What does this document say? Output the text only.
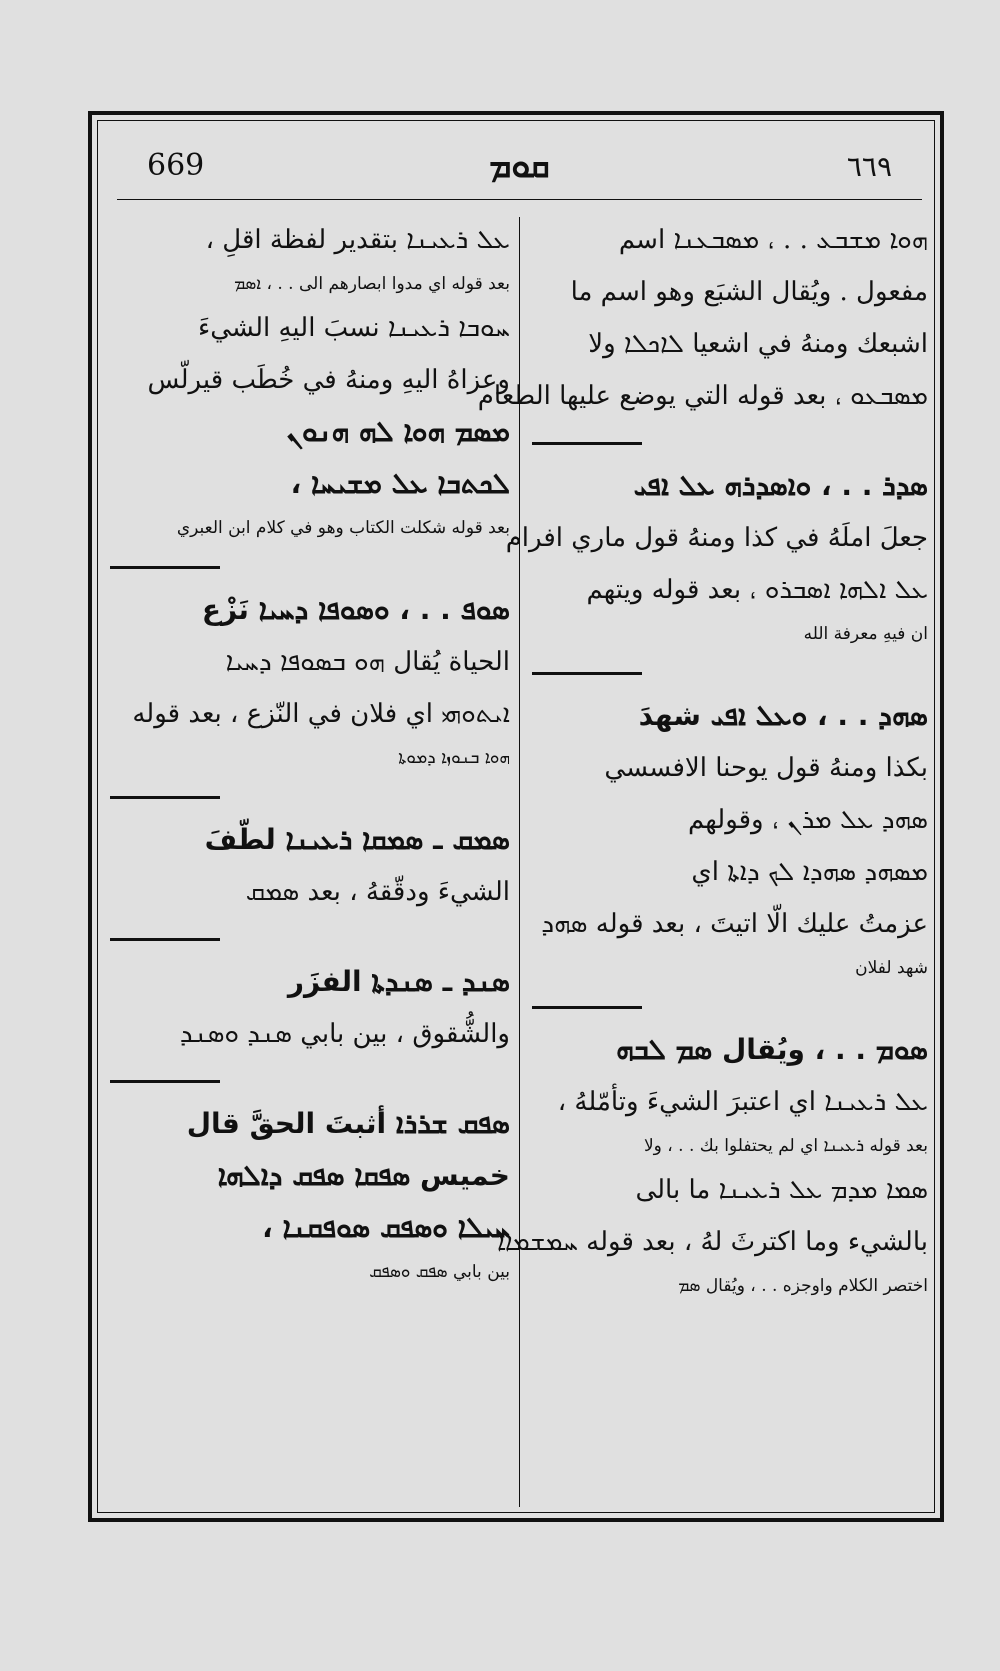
669	ܩܘܡ	٦٦٩
ܗܘܐ ܡܫܒܥ . . ، ܡܣܒܥܢܐ اسم
مفعول . ويُقال الشبَع وهو اسم ما
اشبعك ومنهُ في اشعيا ܠܐܟܠܐ ولا
ܡܣܒܥܘ ، بعد قوله التي يوضع عليها الطعام
ܣܕܪ . . ، ܘܐܣܕܪܗ ܥܠ ܐܦܝ
جعلَ املَهُ في كذا ومنهُ قول ماري افرام
ܥܠ ܐܠܗܐ ܐܣܒܪܘ ، بعد قوله ويتهم
ان فيهِ معرفة الله
ܣܗܕ . . ، ܘܥܠ ܐܦܝ شهدَ
بكذا ومنهُ قول يوحنا الافسسي
ܣܗܕ ܥܠ ܡܪܢ ، وقولهم
ܡܣܗܕ ܣܗܕܐ ܠܟ ܕܐܬܐ اي
عزمتُ عليك الّا اتيتَ ، بعد قوله ܣܗܕ
شهد لفلان
ܣܘܡ . . ، ويُقال ܣܡ ܠܒܗ
ܥܠ ܪܥܝܢܐ اي اعتبرَ الشيءَ وتأمّلهُ ،
بعد قوله ܪܥܝܢܐ اي لم يحتفلوا بك . . ، ولا
ܣܡܐ ܡܕܡ ܥܠ ܪܥܝܢܐ ما بالى
بالشيء وما اكترثَ لهُ ، بعد قوله ܚܡܫܡܐܐ
اختصر الكلام واوجزه . . ، ويُقال ܣܡ
ܥܠ ܪܥܝܢܐ بتقدير لفظة اقلِ ،
بعد قوله اي مدوا ابصارهم الى . . ، ܐܣܡ
ܚܘܒܐ ܪܥܝܢܐ نسبَ اليهِ الشيءَ
وعزاهُ اليهِ ومنهُ في خُطَب قيرلّس
ܡܣܡ ܗܘܐ ܠܗ ܗܢܘܢ
ܠܟܬܒܐ ܥܠ ܡܫܝܚܐ ،
بعد قوله شكلت الكتاب وهو في كلام ابن العبري
ܣܘܦ . . ، ܘܣܘܦܐ ܕܚܝܐ نَزْع
الحياة يُقال ܗܘ ܒܣܘܦܐ ܕܚܝܐ
ܐܝܬܘܗܝ اي فلان في النّزع ، بعد قوله
ܗܘܐ ܒܢܘܙܐ ܕܡܘܬܐ
ܣܡܩ ـ ܣܡܩܐ ܪܥܝܢܐ لطّفَ
الشيءَ ودقّقهُ ، بعد ܣܡܩ
ܣܢܕ ـ ܣܢܕܬܐ الفزَر
والشُّقوق ، بين بابي ܣܢܕ ܘܣܢܕ
ܣܦܩ ܫܪܪܐ أثبتَ الحقَّ قال
خميس ܣܦܩܐ ܣܦܩ ܕܐܠܗܐ
ܚܝܠܐ ܘܣܦܩ ܣܘܦܩܢܐ ،
بين بابي ܣܦܩ ܘܣܦܩ
